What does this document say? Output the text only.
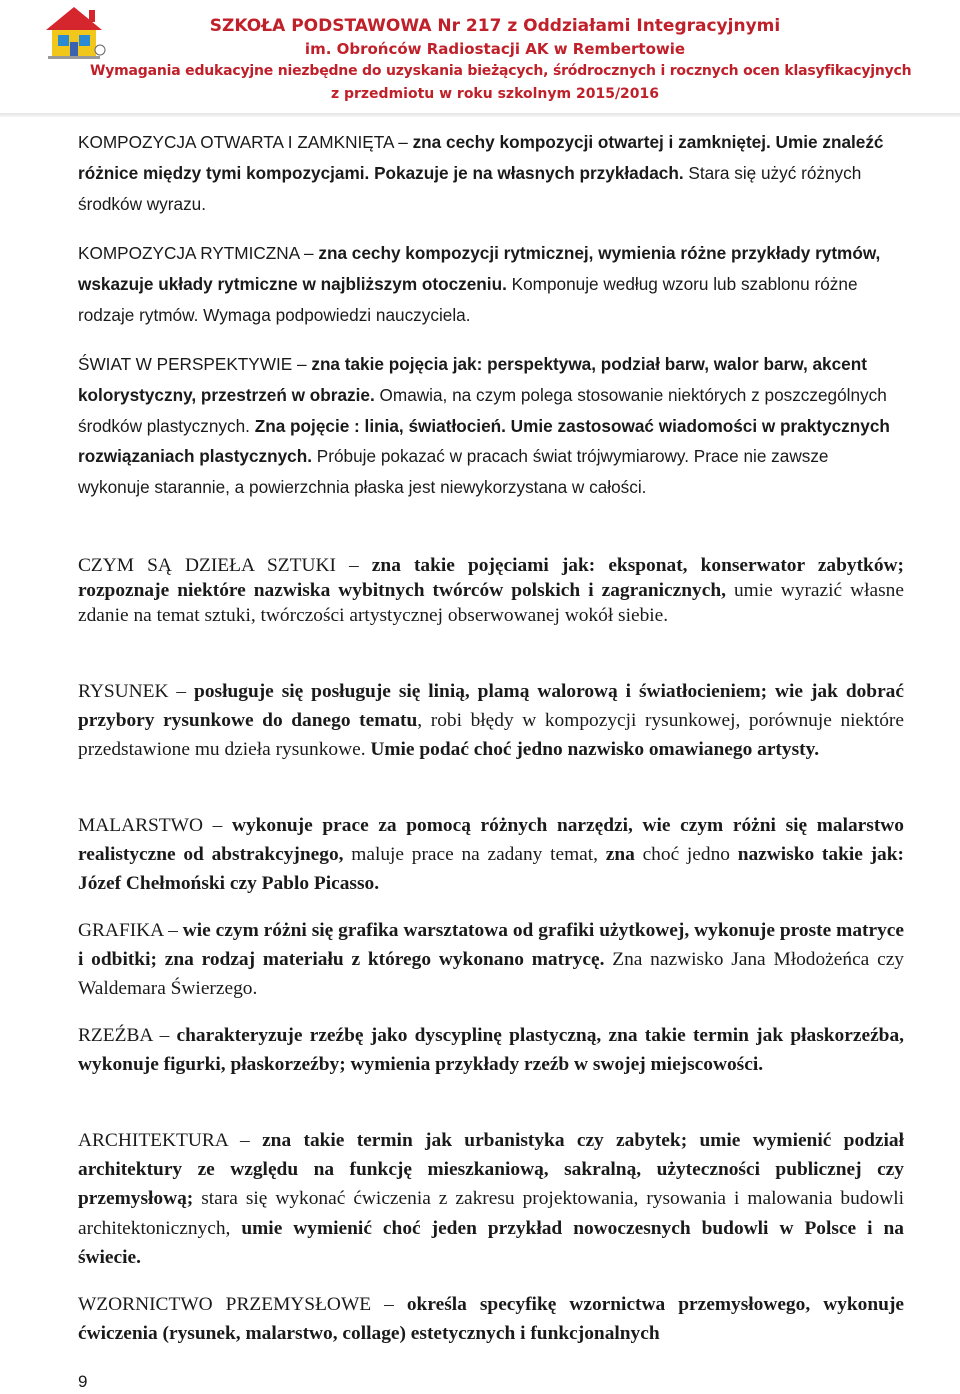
SZKOŁA PODSTAWOWA Nr 217 z Oddziałami Integracyjnymi
im. Obrońców Radiostacji AK w Rembertowie
Wymagania edukacyjne niezbędne do uzyskania bieżących, śródrocznych i rocznych ocen klasyfikacyjnych
z przedmiotu w roku szkolnym 2015/2016

KOMPOZYCJA OTWARTA I ZAMKNIĘTA – zna cechy kompozycji otwartej i zamkniętej. Umie znaleźć różnice między tymi kompozycjami. Pokazuje je na własnych przykładach. Stara się użyć różnych środków wyrazu.

KOMPOZYCJA RYTMICZNA – zna cechy kompozycji rytmicznej, wymienia różne przykłady rytmów, wskazuje układy rytmiczne w najbliższym otoczeniu. Komponuje według wzoru lub szablonu różne rodzaje rytmów. Wymaga podpowiedzi nauczyciela.

ŚWIAT W PERSPEKTYWIE – zna takie pojęcia jak: perspektywa, podział barw, walor barw, akcent kolorystyczny, przestrzeń w obrazie. Omawia, na czym polega stosowanie niektórych z poszczególnych środków plastycznych. Zna pojęcie : linia, światłocień. Umie zastosować wiadomości w praktycznych rozwiązaniach plastycznych. Próbuje pokazać w pracach świat trójwymiarowy. Prace nie zawsze wykonuje starannie, a powierzchnia płaska jest niewykorzystana w całości.

CZYM SĄ DZIEŁA SZTUKI – zna takie pojęciami jak: eksponat, konserwator zabytków; rozpoznaje niektóre nazwiska wybitnych twórców polskich i zagranicznych, umie wyrazić własne zdanie na temat sztuki, twórczości artystycznej obserwowanej wokół siebie.

RYSUNEK – posługuje się posługuje się linią, plamą walorową i światłocieniem; wie jak dobrać przybory rysunkowe do danego tematu, robi błędy w kompozycji rysunkowej, porównuje niektóre przedstawione mu dzieła rysunkowe. Umie podać choć jedno nazwisko omawianego artysty.

MALARSTWO – wykonuje prace za pomocą różnych narzędzi, wie czym różni się malarstwo realistyczne od abstrakcyjnego, maluje prace na zadany temat, zna choć jedno nazwisko takie jak: Józef Chełmoński czy Pablo Picasso.

GRAFIKA – wie czym różni się grafika warsztatowa od grafiki użytkowej, wykonuje proste matryce i odbitki; zna rodzaj materiału z którego wykonano matrycę. Zna nazwisko Jana Młodożeńca czy Waldemara Świerzego.

RZEŹBA – charakteryzuje rzeźbę jako dyscyplinę plastyczną, zna takie termin jak płaskorzeźba, wykonuje figurki, płaskorzeźby; wymienia przykłady rzeźb w swojej miejscowości.

ARCHITEKTURA – zna takie termin jak urbanistyka czy zabytek; umie wymienić podział architektury ze względu na funkcję mieszkaniową, sakralną, użyteczności publicznej czy przemysłową; stara się wykonać ćwiczenia z zakresu projektowania, rysowania i malowania budowli architektonicznych, umie wymienić choć jeden przykład nowoczesnych budowli w Polsce i na świecie.

WZORNICTWO PRZEMYSŁOWE – określa specyfikę wzornictwa przemysłowego, wykonuje ćwiczenia (rysunek, malarstwo, collage) estetycznych i funkcjonalnych

9
